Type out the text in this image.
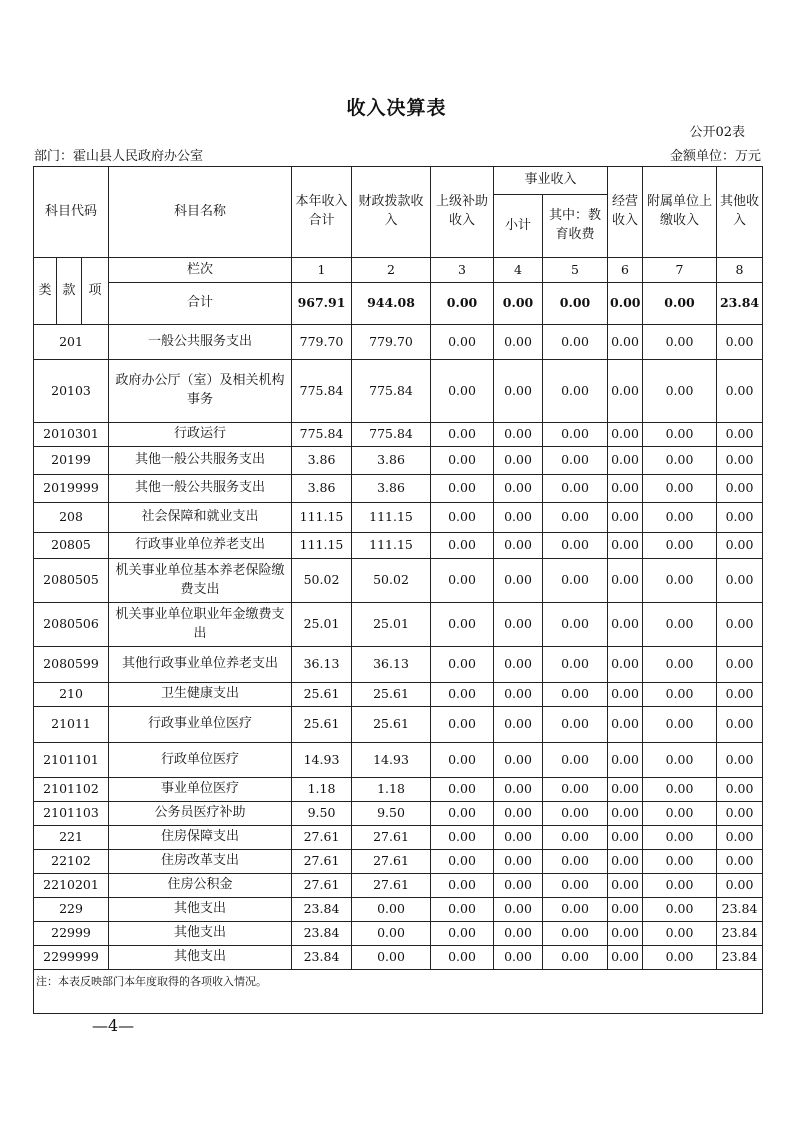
收入决算表
公开02表
部门：霍山县人民政府办公室	金额单位：万元
科目代码			科目名称	本年收入合计	财政拨款收入	上级补助收入	事业收入		经营收入	附属单位上缴收入	其他收入
							小计	其中：教育收费			
类	款	项	栏次	1	2	3	4	5	6	7	8
			合计	967.91	944.08	0.00	0.00	0.00	0.00	0.00	23.84
201			一般公共服务支出	779.70	779.70	0.00	0.00	0.00	0.00	0.00	0.00
20103			政府办公厅（室）及相关机构事务	775.84	775.84	0.00	0.00	0.00	0.00	0.00	0.00
2010301			行政运行	775.84	775.84	0.00	0.00	0.00	0.00	0.00	0.00
20199			其他一般公共服务支出	3.86	3.86	0.00	0.00	0.00	0.00	0.00	0.00
2019999			其他一般公共服务支出	3.86	3.86	0.00	0.00	0.00	0.00	0.00	0.00
208			社会保障和就业支出	111.15	111.15	0.00	0.00	0.00	0.00	0.00	0.00
20805			行政事业单位养老支出	111.15	111.15	0.00	0.00	0.00	0.00	0.00	0.00
2080505			机关事业单位基本养老保险缴费支出	50.02	50.02	0.00	0.00	0.00	0.00	0.00	0.00
2080506			机关事业单位职业年金缴费支出	25.01	25.01	0.00	0.00	0.00	0.00	0.00	0.00
2080599			其他行政事业单位养老支出	36.13	36.13	0.00	0.00	0.00	0.00	0.00	0.00
210			卫生健康支出	25.61	25.61	0.00	0.00	0.00	0.00	0.00	0.00
21011			行政事业单位医疗	25.61	25.61	0.00	0.00	0.00	0.00	0.00	0.00
2101101			行政单位医疗	14.93	14.93	0.00	0.00	0.00	0.00	0.00	0.00
2101102			事业单位医疗	1.18	1.18	0.00	0.00	0.00	0.00	0.00	0.00
2101103			公务员医疗补助	9.50	9.50	0.00	0.00	0.00	0.00	0.00	0.00
221			住房保障支出	27.61	27.61	0.00	0.00	0.00	0.00	0.00	0.00
22102			住房改革支出	27.61	27.61	0.00	0.00	0.00	0.00	0.00	0.00
2210201			住房公积金	27.61	27.61	0.00	0.00	0.00	0.00	0.00	0.00
229			其他支出	23.84	0.00	0.00	0.00	0.00	0.00	0.00	23.84
22999			其他支出	23.84	0.00	0.00	0.00	0.00	0.00	0.00	23.84
2299999			其他支出	23.84	0.00	0.00	0.00	0.00	0.00	0.00	23.84
注：本表反映部门本年度取得的各项收入情况。											
—4—
